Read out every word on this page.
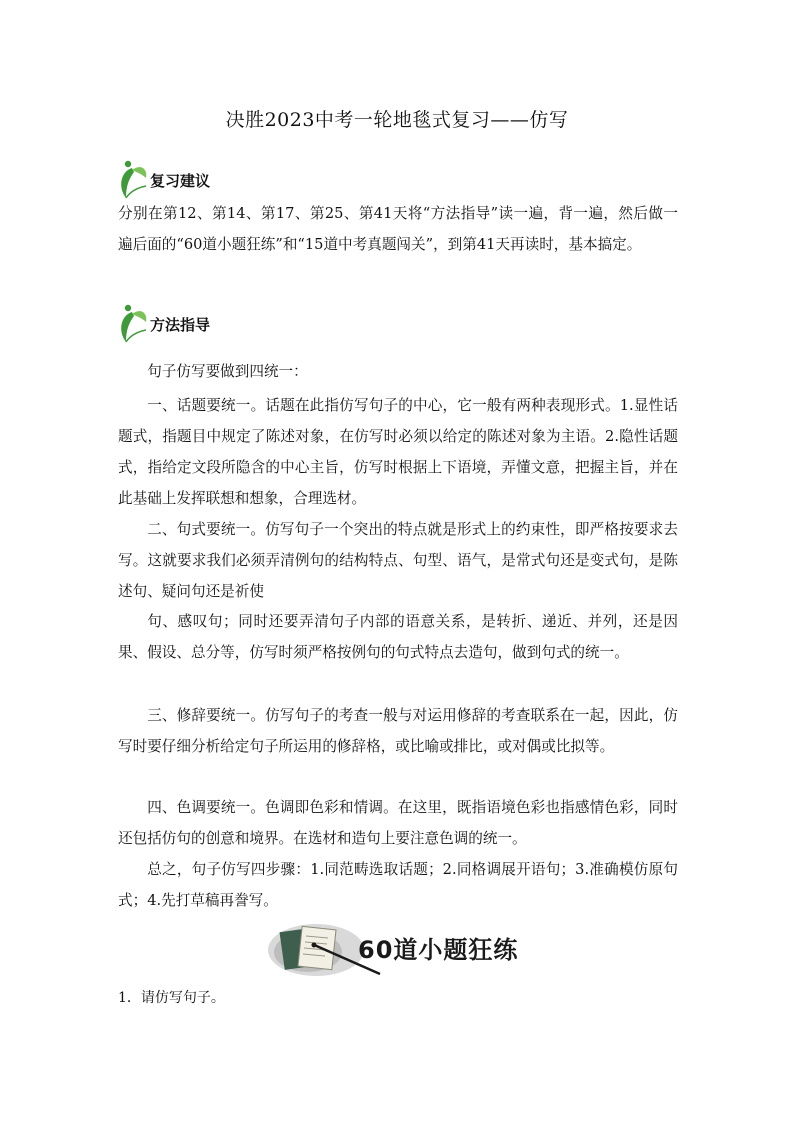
决胜2023中考一轮地毯式复习——仿写
复习建议
分别在第12、第14、第17、第25、第41天将“方法指导”读一遍，背一遍，然后做一遍后面的“60道小题狂练”和“15道中考真题闯关”，到第41天再读时，基本搞定。
方法指导
句子仿写要做到四统一：
一、话题要统一。话题在此指仿写句子的中心，它一般有两种表现形式。1.显性话题式，指题目中规定了陈述对象，在仿写时必须以给定的陈述对象为主语。2.隐性话题式，指给定文段所隐含的中心主旨，仿写时根据上下语境，弄懂文意，把握主旨，并在此基础上发挥联想和想象，合理选材。
二、句式要统一。仿写句子一个突出的特点就是形式上的约束性，即严格按要求去写。这就要求我们必须弄清例句的结构特点、句型、语气，是常式句还是变式句，是陈述句、疑问句还是祈使
句、感叹句；同时还要弄清句子内部的语意关系，是转折、递近、并列，还是因果、假设、总分等，仿写时须严格按例句的句式特点去造句，做到句式的统一。
三、修辞要统一。仿写句子的考查一般与对运用修辞的考查联系在一起，因此，仿写时要仔细分析给定句子所运用的修辞格，或比喻或排比，或对偶或比拟等。
四、色调要统一。色调即色彩和情调。在这里，既指语境色彩也指感情色彩，同时还包括仿句的创意和境界。在选材和造句上要注意色调的统一。
总之，句子仿写四步骤：1.同范畴选取话题；2.同格调展开语句；3.准确模仿原句式；4.先打草稿再誊写。
60道小题狂练
1．请仿写句子。
